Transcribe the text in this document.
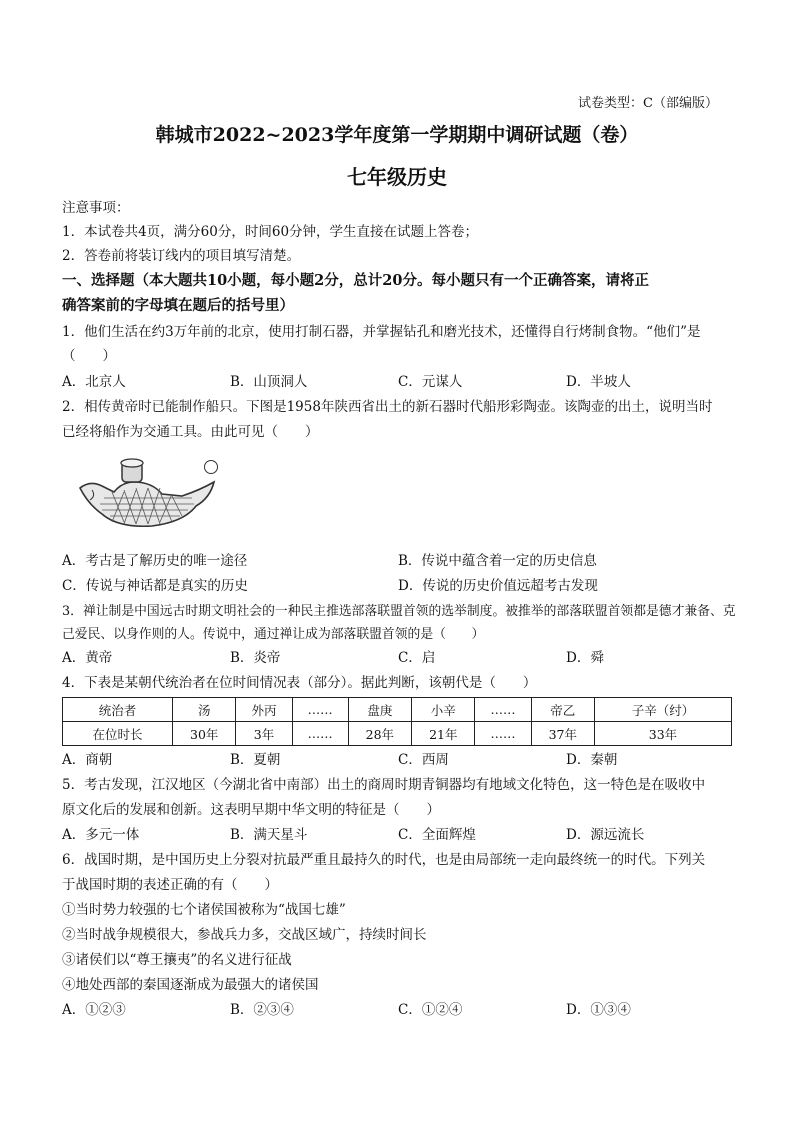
试卷类型：C（部编版）
韩城市2022~2023学年度第一学期期中调研试题（卷）
七年级历史
注意事项：
1．本试卷共4页，满分60分，时间60分钟，学生直接在试题上答卷；
2．答卷前将装订线内的项目填写清楚。
一、选择题（本大题共10小题，每小题2分，总计20分。每小题只有一个正确答案，请将正
确答案前的字母填在题后的括号里）
1．他们生活在约3万年前的北京，使用打制石器，并掌握钻孔和磨光技术，还懂得自行烤制食物。“他们”是
（　　）
A．北京人	B．山顶洞人	C．元谋人	D．半坡人
2．相传黄帝时已能制作船只。下图是1958年陕西省出土的新石器时代船形彩陶壶。该陶壶的出土，说明当时
已经将船作为交通工具。由此可见（　　）
A．考古是了解历史的唯一途径	B．传说中蕴含着一定的历史信息
C．传说与神话都是真实的历史	D．传说的历史价值远超考古发现
3．禅让制是中国远古时期文明社会的一种民主推选部落联盟首领的选举制度。被推举的部落联盟首领都是德才兼备、克
己爱民、以身作则的人。传说中，通过禅让成为部落联盟首领的是（　　）
A．黄帝	B．炎帝	C．启	D．舜
4．下表是某朝代统治者在位时间情况表（部分）。据此判断，该朝代是（　　）
统治者	汤	外丙	……	盘庚	小辛	……	帝乙	子辛（纣）
在位时长	30年	3年	……	28年	21年	……	37年	33年
A．商朝	B．夏朝	C．西周	D．秦朝
5．考古发现，江汉地区（今湖北省中南部）出土的商周时期青铜器均有地域文化特色，这一特色是在吸收中
原文化后的发展和创新。这表明早期中华文明的特征是（　　）
A．多元一体	B．满天星斗	C．全面辉煌	D．源远流长
6．战国时期，是中国历史上分裂对抗最严重且最持久的时代，也是由局部统一走向最终统一的时代。下列关
于战国时期的表述正确的有（　　）
①当时势力较强的七个诸侯国被称为“战国七雄”
②当时战争规模很大，参战兵力多，交战区域广，持续时间长
③诸侯们以“尊王攘夷”的名义进行征战
④地处西部的秦国逐渐成为最强大的诸侯国
A．①②③	B．②③④	C．①②④	D．①③④
